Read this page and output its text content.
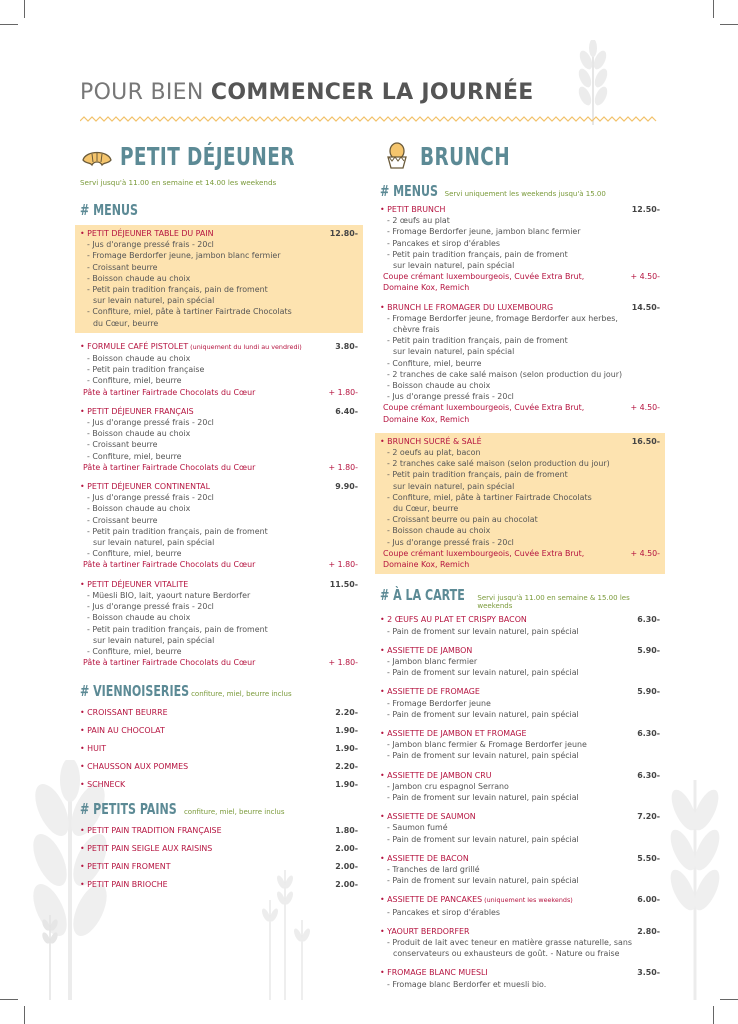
POUR BIEN COMMENCER LA JOURNÉE
PETIT DÉJEUNER
Servi jusqu'à 11.00 en semaine et 14.00 les weekends
# MENUS
• PETIT DÉJEUNER TABLE DU PAIN	12.80-
- Jus d'orange pressé frais - 20cl
- Fromage Berdorfer jeune, jambon blanc fermier
- Croissant beurre
- Boisson chaude au choix
- Petit pain tradition français, pain de froment
sur levain naturel, pain spécial
- Confiture, miel, pâte à tartiner Fairtrade Chocolats
du Cœur, beurre
• FORMULE CAFÉ PISTOLET (uniquement du lundi au vendredi)	3.80-
- Boisson chaude au choix
- Petit pain tradition française
- Confiture, miel, beurre
Pâte à tartiner Fairtrade Chocolats du Cœur	+ 1.80-
• PETIT DÉJEUNER FRANÇAIS	6.40-
- Jus d'orange pressé frais - 20cl
- Boisson chaude au choix
- Croissant beurre
- Confiture, miel, beurre
Pâte à tartiner Fairtrade Chocolats du Cœur	+ 1.80-
• PETIT DÉJEUNER CONTINENTAL	9.90-
- Jus d'orange pressé frais - 20cl
- Boisson chaude au choix
- Croissant beurre
- Petit pain tradition français, pain de froment
sur levain naturel, pain spécial
- Confiture, miel, beurre
Pâte à tartiner Fairtrade Chocolats du Cœur	+ 1.80-
• PETIT DÉJEUNER VITALITE	11.50-
- Müesli BIO, lait, yaourt nature Berdorfer
- Jus d'orange pressé frais - 20cl
- Boisson chaude au choix
- Petit pain tradition français, pain de froment
sur levain naturel, pain spécial
- Confiture, miel, beurre
Pâte à tartiner Fairtrade Chocolats du Cœur	+ 1.80-
# VIENNOISERIES confiture, miel, beurre inclus
• CROISSANT BEURRE	2.20-
• PAIN AU CHOCOLAT	1.90-
• HUIT	1.90-
• CHAUSSON AUX POMMES	2.20-
• SCHNECK	1.90-
# PETITS PAINS confiture, miel, beurre inclus
• PETIT PAIN TRADITION FRANÇAISE	1.80-
• PETIT PAIN SEIGLE AUX RAISINS	2.00-
• PETIT PAIN FROMENT	2.00-
• PETIT PAIN BRIOCHE	2.00-
BRUNCH
# MENUS Servi uniquement les weekends jusqu'à 15.00
• PETIT BRUNCH	12.50-
- 2 œufs au plat
- Fromage Berdorfer jeune, jambon blanc fermier
- Pancakes et sirop d'érables
- Petit pain tradition français, pain de froment
sur levain naturel, pain spécial
Coupe crémant luxembourgeois, Cuvée Extra Brut,	+ 4.50-
Domaine Kox, Remich
• BRUNCH LE FROMAGER DU LUXEMBOURG	14.50-
- Fromage Berdorfer jeune, fromage Berdorfer aux herbes,
chèvre frais
- Petit pain tradition français, pain de froment
sur levain naturel, pain spécial
- Confiture, miel, beurre
- 2 tranches de cake salé maison (selon production du jour)
- Boisson chaude au choix
- Jus d'orange pressé frais - 20cl
Coupe crémant luxembourgeois, Cuvée Extra Brut,	+ 4.50-
Domaine Kox, Remich
• BRUNCH SUCRÉ & SALÉ	16.50-
- 2 oeufs au plat, bacon
- 2 tranches cake salé maison (selon production du jour)
- Petit pain tradition français, pain de froment
sur levain naturel, pain spécial
- Confiture, miel, pâte à tartiner Fairtrade Chocolats
du Cœur, beurre
- Croissant beurre ou pain au chocolat
- Boisson chaude au choix
- Jus d'orange pressé frais - 20cl
Coupe crémant luxembourgeois, Cuvée Extra Brut,	+ 4.50-
Domaine Kox, Remich
# À LA CARTE Servi jusqu'à 11.00 en semaine & 15.00 les weekends
• 2 ŒUFS AU PLAT ET CRISPY BACON	6.30-
- Pain de froment sur levain naturel, pain spécial
• ASSIETTE DE JAMBON	5.90-
- Jambon blanc fermier
- Pain de froment sur levain naturel, pain spécial
• ASSIETTE DE FROMAGE	5.90-
- Fromage Berdorfer jeune
- Pain de froment sur levain naturel, pain spécial
• ASSIETTE DE JAMBON ET FROMAGE	6.30-
- Jambon blanc fermier & Fromage Berdorfer jeune
- Pain de froment sur levain naturel, pain spécial
• ASSIETTE DE JAMBON CRU	6.30-
- Jambon cru espagnol Serrano
- Pain de froment sur levain naturel, pain spécial
• ASSIETTE DE SAUMON	7.20-
- Saumon fumé
- Pain de froment sur levain naturel, pain spécial
• ASSIETTE DE BACON	5.50-
- Tranches de lard grillé
- Pain de froment sur levain naturel, pain spécial
• ASSIETTE DE PANCAKES (uniquement les weekends)	6.00-
- Pancakes et sirop d'érables
• YAOURT BERDORFER	2.80-
- Produit de lait avec teneur en matière grasse naturelle, sans
conservateurs ou exhausteurs de goût. - Nature ou fraise
• FROMAGE BLANC MUESLI	3.50-
- Fromage blanc Berdorfer et muesli bio.
